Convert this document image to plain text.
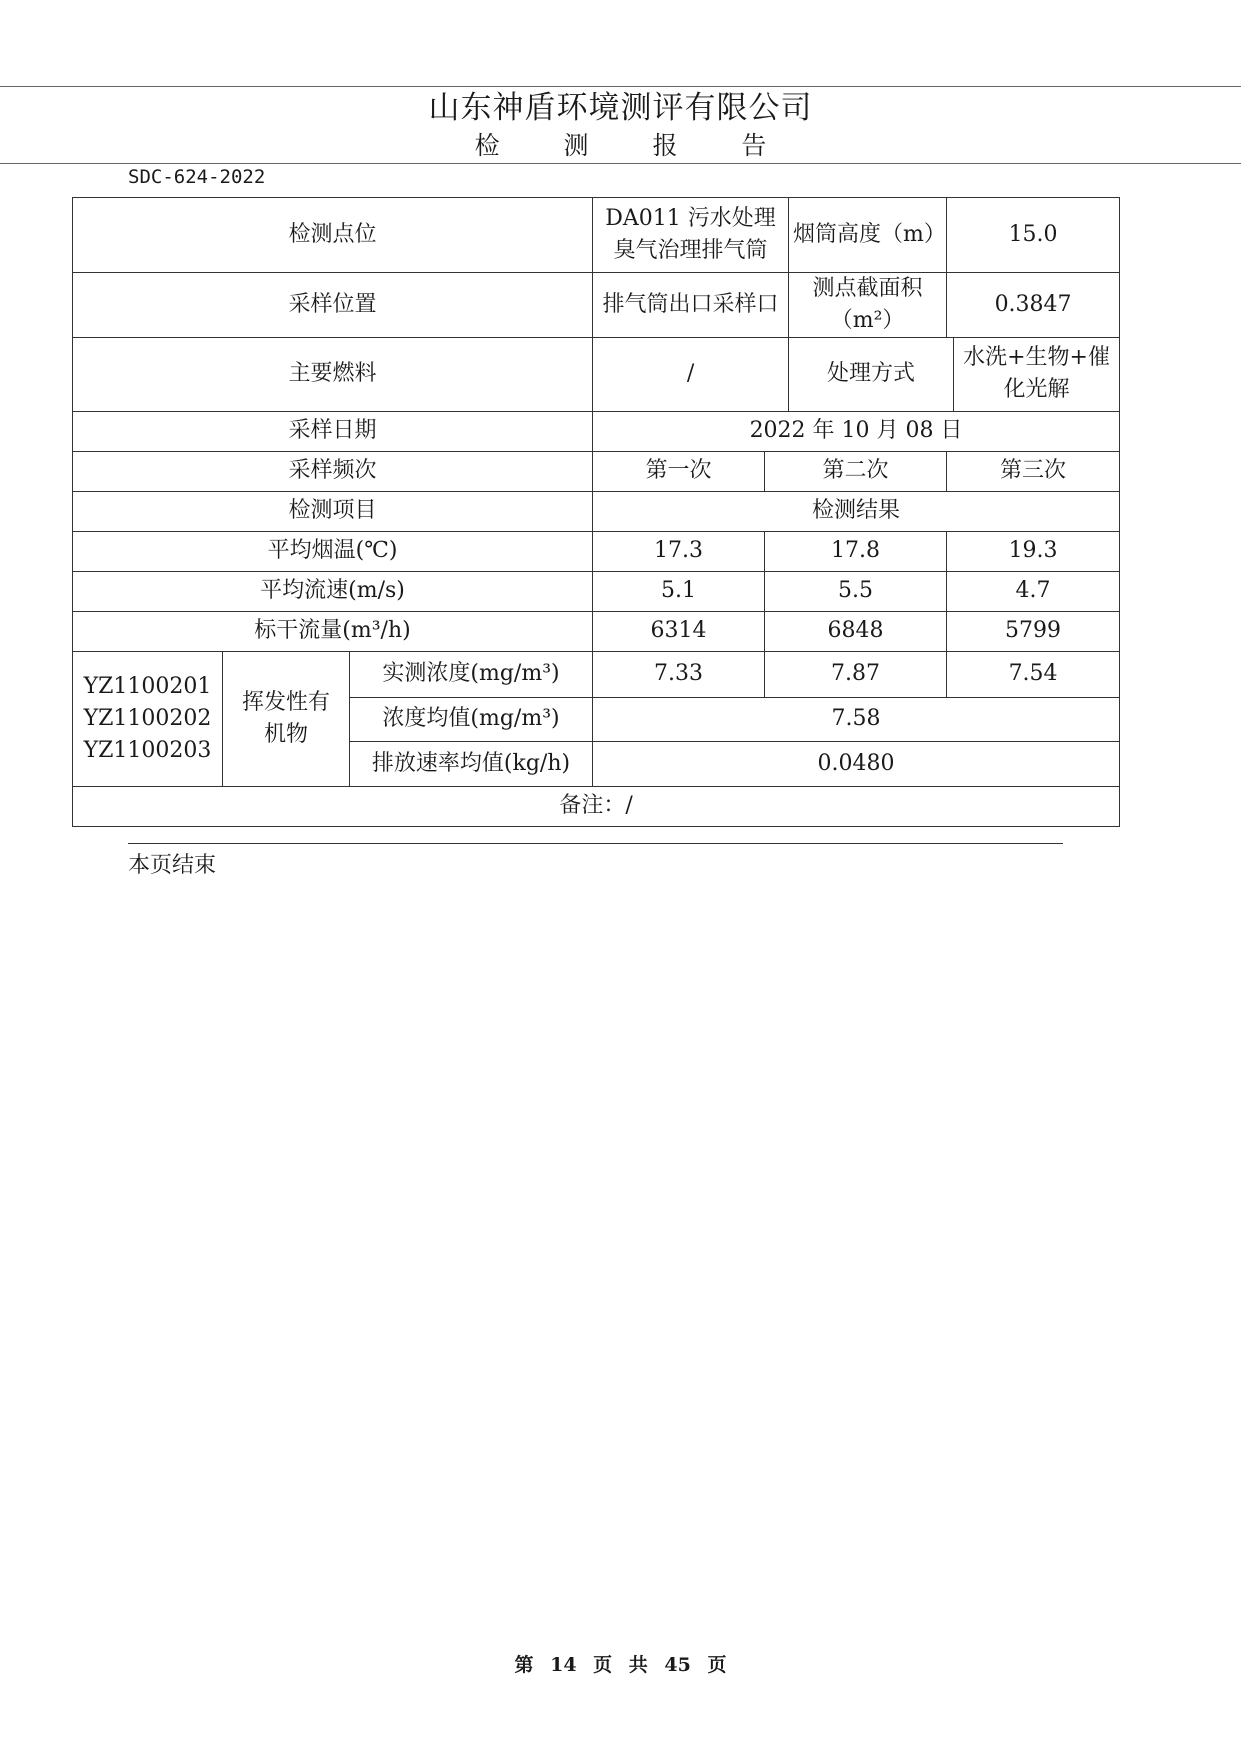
山东神盾环境测评有限公司
检 测 报 告
SDC-624-2022
检测点位			DA011 污水处理臭气治理排气筒		烟筒高度（m）	15.0	
采样位置			排气筒出口采样口		测点截面积（m²）	0.3847	
主要燃料			/		处理方式		水洗+生物+催化光解
采样日期			2022 年 10 月 08 日				
采样频次			第一次	第二次		第三次	
检测项目			检测结果				
平均烟温(℃)			17.3	17.8		19.3	
平均流速(m/s)			5.1	5.5		4.7	
标干流量(m³/h)			6314	6848		5799	

YZ1100201
YZ1100202
YZ1100203	挥发性有机物	实测浓度(mg/m³)	7.33	7.87		7.54	
		浓度均值(mg/m³)	7.58				
		排放速率均值(kg/h)	0.0480				
备注：/							
本页结束
第 14 页 共 45 页
